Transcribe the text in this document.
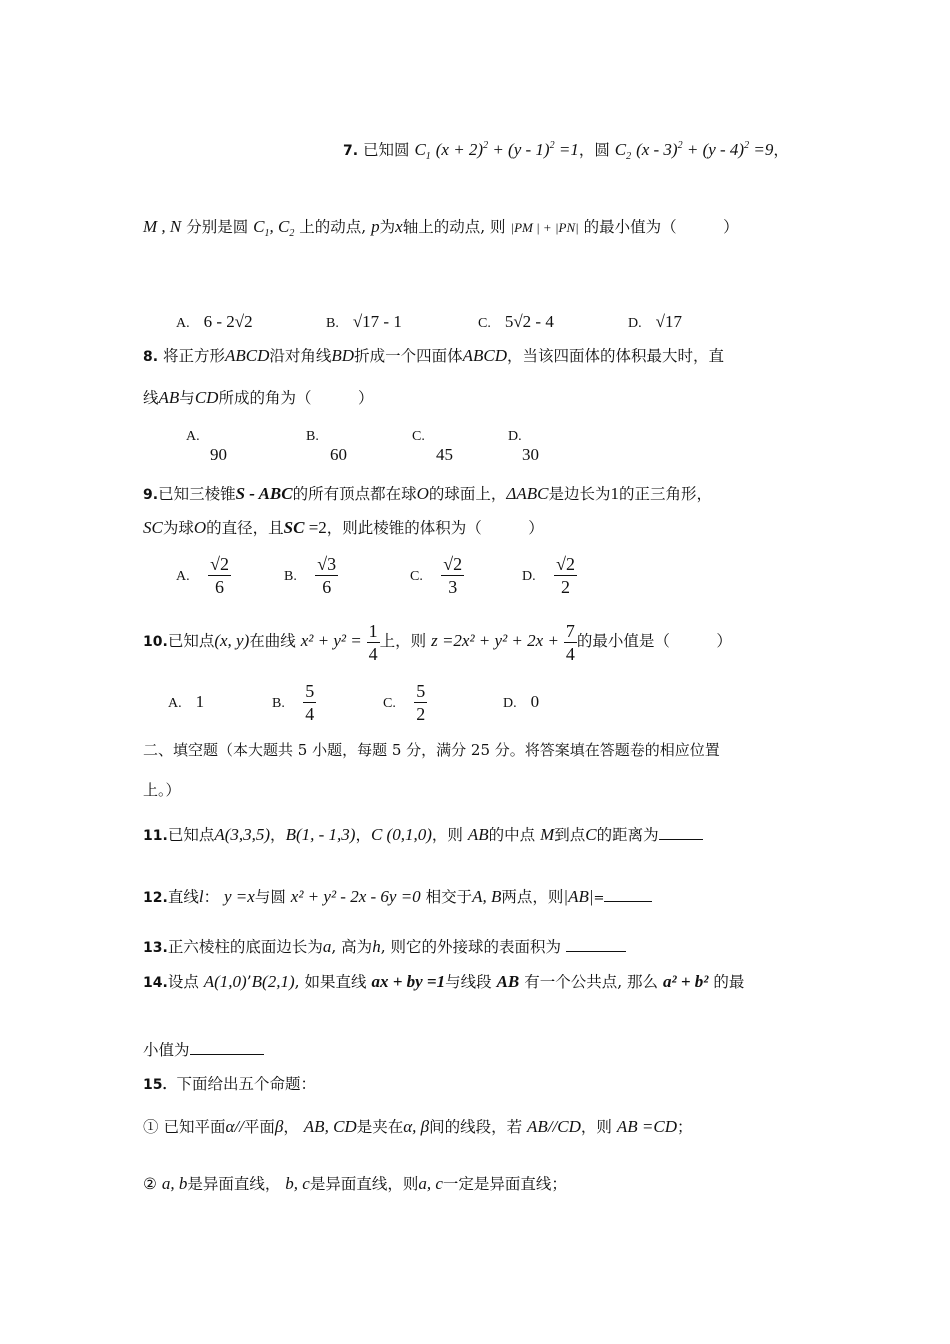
7. 已知圆 $C_1$ $(x + 2)^2 + (y - 1)^2 =1$，圆 $C_2$ (x - 3)$^2$ + (y - 4)$^2$ =9，
M , N 分别是圆 $C_1$, $C_2$ 上的动点, p为x轴上的动点, 则 |PM | + |PN| 的最小值为（　　　）
A. 6 - 2√2	B. √17 - 1	C. 5√2 - 4	D. √17
8. 将正方形ABCD沿对角线BD折成一个四面体ABCD，当该四面体的体积最大时，直
线AB与CD所成的角为（　　　）
A.
90
B.
60
C.
45
D.
30
9.已知三棱锥S - ABC的所有顶点都在球O的球面上，ΔABC是边长为1的正三角形，
SC为球O的直径，且SC =2，则此棱锥的体积为（　　　）
A. $\frac{√2}{6}$	B. $\frac{√3}{6}$	C. $\frac{√2}{3}$	D. $\frac{√2}{2}$
10.已知点(x, y)在曲线 $x^2 + y^2 = \frac{1}{4}$ 上，则 $z =2x^2 + y^2 + 2x + \frac{7}{4}$ 的最小值是（　　　）
A. 1	B. $\frac{5}{4}$	C. $\frac{5}{2}$	D. 0
二、填空题（本大题共 5 小题，每题 5 分，满分 25 分。将答案填在答题卷的相应位置
上。）
11.已知点A(3,3,5)，B(1, - 1,3)，C (0,1,0)，则 AB的中点 M到点C的距离为
12.直线l： y =x与圆 x² + y² - 2x - 6y =0 相交于A, B两点，则|AB|=
13.正六棱柱的底面边长为a, 高为h, 则它的外接球的表面积为
14.设点 A(1,0)’B(2,1), 如果直线 ax + by =1与线段 AB 有一个公共点, 那么 a² + b² 的最
小值为
15．下面给出五个命题：
① 已知平面α//平面β， AB, CD是夹在α, β间的线段，若 AB//CD，则 AB =CD；
② a, b是异面直线， b, c是异面直线，则a, c一定是异面直线；
